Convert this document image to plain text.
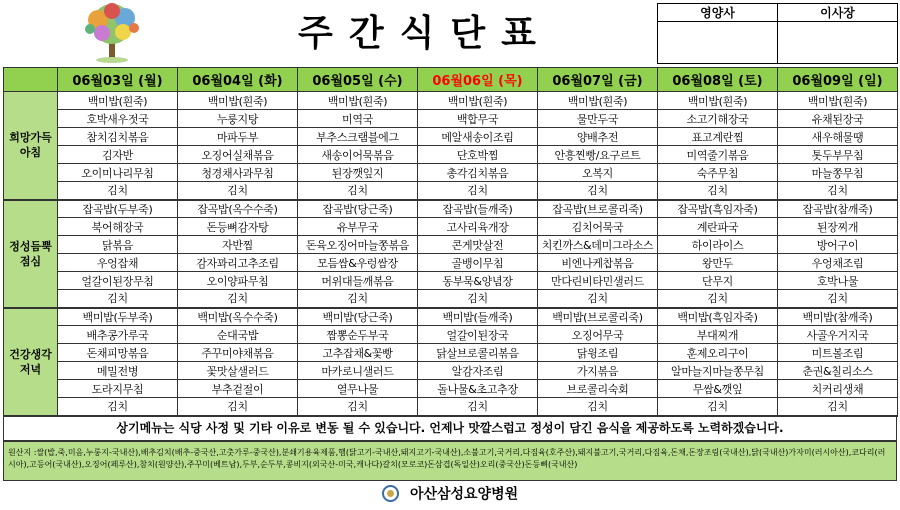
주간식단표	영양사	이사장

	06월03일 (월)	06월04일 (화)	06월05일 (수)	06월06일 (목)	06월07일 (금)	06월08일 (토)	06월09일 (일)
희망가득
아침	백미밥(흰죽)	백미밥(흰죽)	백미밥(흰죽)	백미밥(흰죽)	백미밥(흰죽)	백미밥(흰죽)	백미밥(흰죽)
	호박새우젓국	누룽지탕	미역국	백합무국	물만두국	소고기해장국	유채된장국
	참치김치볶음	마파두부	부추스크램블에그	메알새송이조림	양배추전	표고계란찜	새우해물땡
	김자반	오징어실채볶음	새송이어묵볶음	단호박찜	안흥찐빵/요구르트	미역줄기볶음	톳두부무침
	오이미나리무침	청경채사과무침	된장깻잎지	총각김치볶음	오복지	숙주무침	마늘쫑무침
	김치	김치	김치	김치	김치	김치	김치
정성듬뿍
점심	잡곡밥(두부죽)	잡곡밥(옥수수죽)	잡곡밥(당근죽)	잡곡밥(들깨죽)	잡곡밥(브로콜리죽)	잡곡밥(흑임자죽)	잡곡밥(참깨죽)
	북어해장국	돈등뼈감자탕	유부무국	고사리육개장	김치어묵국	계란파국	된장찌개
	닭볶음	자반찜	돈육오징어마늘쫑볶음	콘게맛살전	치킨까스&데미그라소스	하이라이스	방어구이
	우엉잡채	감자꽈리고추조림	모듬쌈&우렁쌈장	골뱅이무침	비엔나케찹볶음	왕만두	우엉채조림
	얼갈이된장무침	오이양파무침	머위대들깨볶음	동부묵&양념장	만다린비타민샐러드	단무지	호박나물
	김치	김치	김치	김치	김치	김치	김치
건강생각
저녁	백미밥(두부죽)	백미밥(옥수수죽)	백미밥(당근죽)	백미밥(들깨죽)	백미밥(브로콜리죽)	백미밥(흑임자죽)	백미밥(참깨죽)
	배추콩가루국	순대국밥	짬뽕순두부국	얼갈이된장국	오징어무국	부대찌개	사골우거지국
	돈채피망볶음	주꾸미야채볶음	고추잡채&꽃빵	닭살브로콜리볶음	닭윙조림	훈제오리구이	미트볼조림
	메밀전병	꽃맛살샐러드	마카로니샐러드	알감자조림	가지볶음	알마늘지마늘쫑무침	춘권&칠리소스
	도라지무침	부추겉절이	열무나물	돌나물&초고추장	브로콜리숙회	무쌈&깻잎	치커리생채
	김치	김치	김치	김치	김치	김치	김치
상기메뉴는 식당 사정 및 기타 이유로 변동 될 수 있습니다. 언제나 맛깔스럽고 정성이 담긴 음식을 제공하도록 노력하겠습니다.
원산지 :쌀(밥,죽,미음,누룽지-국내산),배추김치(배추-중국산,고춧가루-중국산),분쇄기용육제품,햄(닭고기-국내산,돼지고기-국내산),소불고기,국거리,다짐육(호주산),돼지불고기,국거리,다짐육,돈채,돈장조림(국내산),닭(국내산)가자미(러시아산),코다리(러시아),고등어(국내산),오징어(페루산),참치(원양산),주꾸미(베트남),두부,순두부,콩비지(외국산-미국,캐나다)갈치(모로코)돈삼겹(독일산)오리(중국산)돈등뼈(국내산)
아산삼성요양병원
